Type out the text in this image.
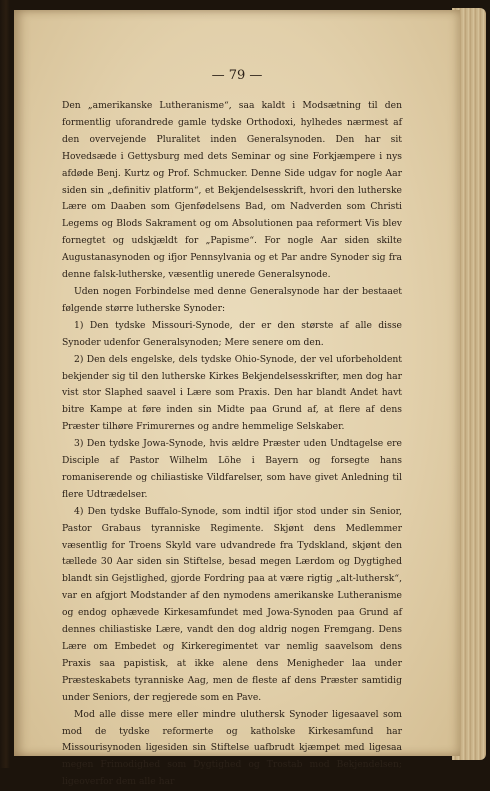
— 79 —

Den „amerikanske Lutheranisme“, saa kaldt i Modsætning til den formentlig uforandrede gamle tydske Orthodoxi, hylhedes nærmest af den overvejende Pluralitet inden Generalsynoden. Den har sit Hovedsæde i Gettysburg med dets Seminar og sine Forkjæmpere i nys afdøde Benj. Kurtz og Prof. Schmucker. Denne Side udgav for nogle Aar siden sin „definitiv platform“, et Bekjendelsesskrift, hvori den lutherske Lære om Daaben som Gjenfødelsens Bad, om Nadverden som Christi Legems og Blods Sakrament og om Absolutionen paa reformert Vis blev fornegtet og udskjældt for „Papisme“. For nogle Aar siden skilte Augustanasynoden og ifjor Pennsylvania og et Par andre Synoder sig fra denne falsk-lutherske, væsentlig unerede Generalsynode.

Uden nogen Forbindelse med denne Generalsynode har der bestaaet følgende større lutherske Synoder:

1) Den tydske Missouri-Synode, der er den største af alle disse Synoder udenfor Generalsynoden; Mere senere om den.

2) Den dels engelske, dels tydske Ohio-Synode, der vel uforbeholdent bekjender sig til den lutherske Kirkes Bekjendelsesskrifter, men dog har vist stor Slaphed saavel i Lære som Praxis. Den har blandt Andet havt bitre Kampe at føre inden sin Midte paa Grund af, at flere af dens Præster tilhøre Frimurernes og andre hemmelige Selskaber.

3) Den tydske Jowa-Synode, hvis ældre Præster uden Undtagelse ere Disciple af Pastor Wilhelm Löhe i Bayern og forsegte hans romaniserende og chiliastiske Vildfarelser, som have givet Anledning til flere Udtrædelser.

4) Den tydske Buffalo-Synode, som indtil ifjor stod under sin Senior, Pastor Grabaus tyranniske Regimente. Skjønt dens Medlemmer væsentlig for Troens Skyld vare udvandrede fra Tydskland, skjønt den tællede 30 Aar siden sin Stiftelse, besad megen Lærdom og Dygtighed blandt sin Gejstlighed, gjorde Fordring paa at være rigtig „alt-luthersk“, var en afgjort Modstander af den nymodens amerikanske Lutheranisme og endog ophævede Kirkesamfundet med Jowa-Synoden paa Grund af dennes chiliastiske Lære, vandt den dog aldrig nogen Fremgang. Dens Lære om Embedet og Kirkeregimentet var nemlig saavelsom dens Praxis saa papistisk, at ikke alene dens Menigheder laa under Præsteskabets tyranniske Aag, men de fleste af dens Præster samtidig under Seniors, der regjerede som en Pave.

Mod alle disse mere eller mindre uluthersk Synoder ligesaavel som mod de tydske reformerte og katholske Kirkesamfund har Missourisynoden ligesiden sin Stiftelse uafbrudt kjæmpet med ligesaa megen Frimodighed som Dygtighed og Trostab mod Bekjendelsen; ligeoverfor dem alle har
